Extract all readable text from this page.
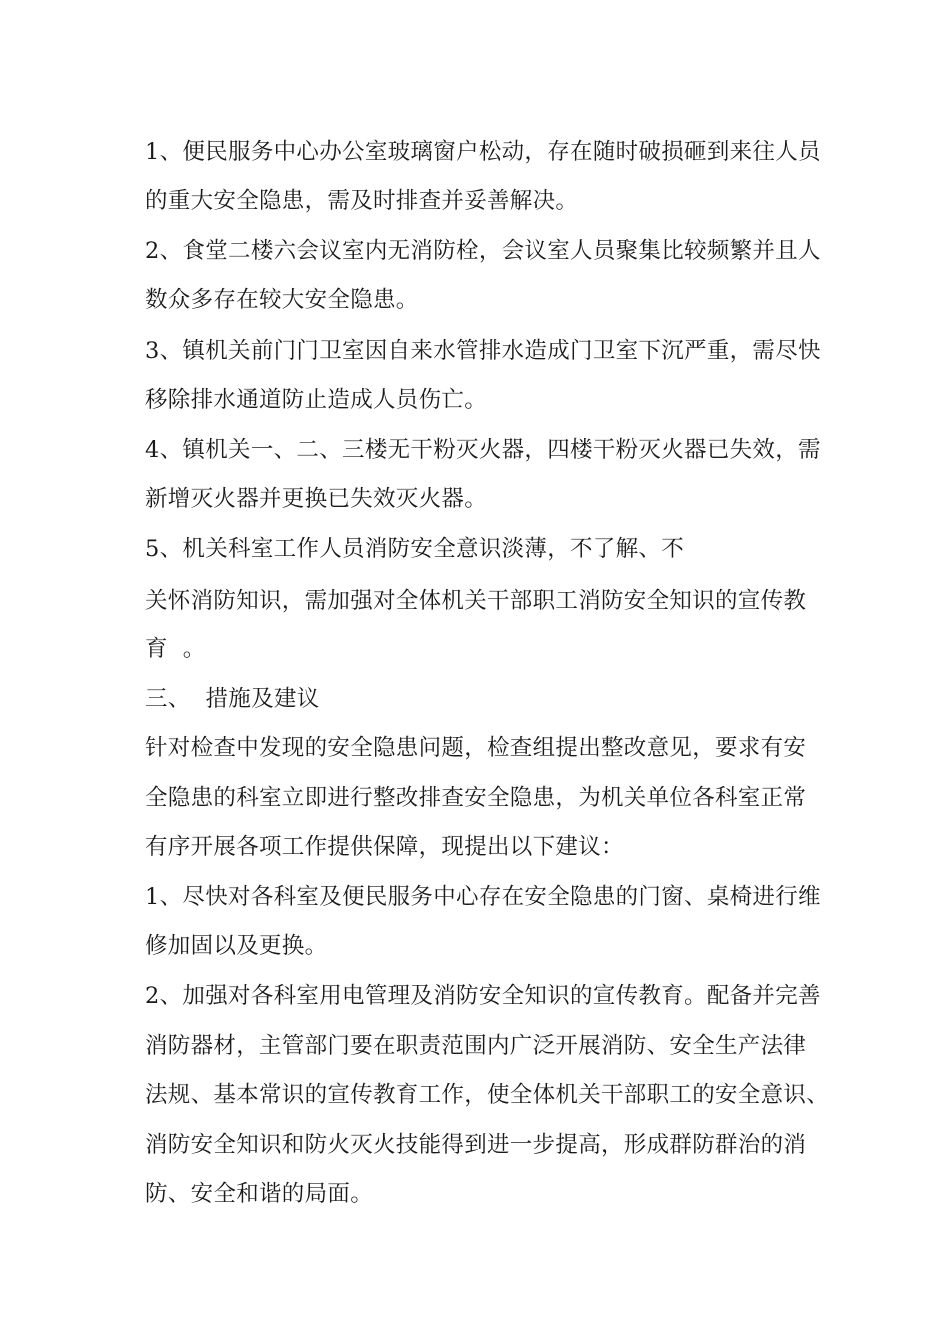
1、便民服务中心办公室玻璃窗户松动，存在随时破损砸到来往人员
的重大安全隐患，需及时排查并妥善解决。
2、食堂二楼六会议室内无消防栓，会议室人员聚集比较频繁并且人
数众多存在较大安全隐患。
3、镇机关前门门卫室因自来水管排水造成门卫室下沉严重，需尽快
移除排水通道防止造成人员伤亡。
4、镇机关一、二、三楼无干粉灭火器，四楼干粉灭火器已失效，需
新增灭火器并更换已失效灭火器。
5、机关科室工作人员消防安全意识淡薄，不了解、不
关怀消防知识，需加强对全体机关干部职工消防安全知识的宣传教
育  。
三、  措施及建议
针对检查中发现的安全隐患问题，检查组提出整改意见，要求有安
全隐患的科室立即进行整改排查安全隐患，为机关单位各科室正常
有序开展各项工作提供保障，现提出以下建议：
1、尽快对各科室及便民服务中心存在安全隐患的门窗、桌椅进行维
修加固以及更换。
2、加强对各科室用电管理及消防安全知识的宣传教育。配备并完善
消防器材，主管部门要在职责范围内广泛开展消防、安全生产法律
法规、基本常识的宣传教育工作，使全体机关干部职工的安全意识、
消防安全知识和防火灭火技能得到进一步提高，形成群防群治的消
防、安全和谐的局面。
